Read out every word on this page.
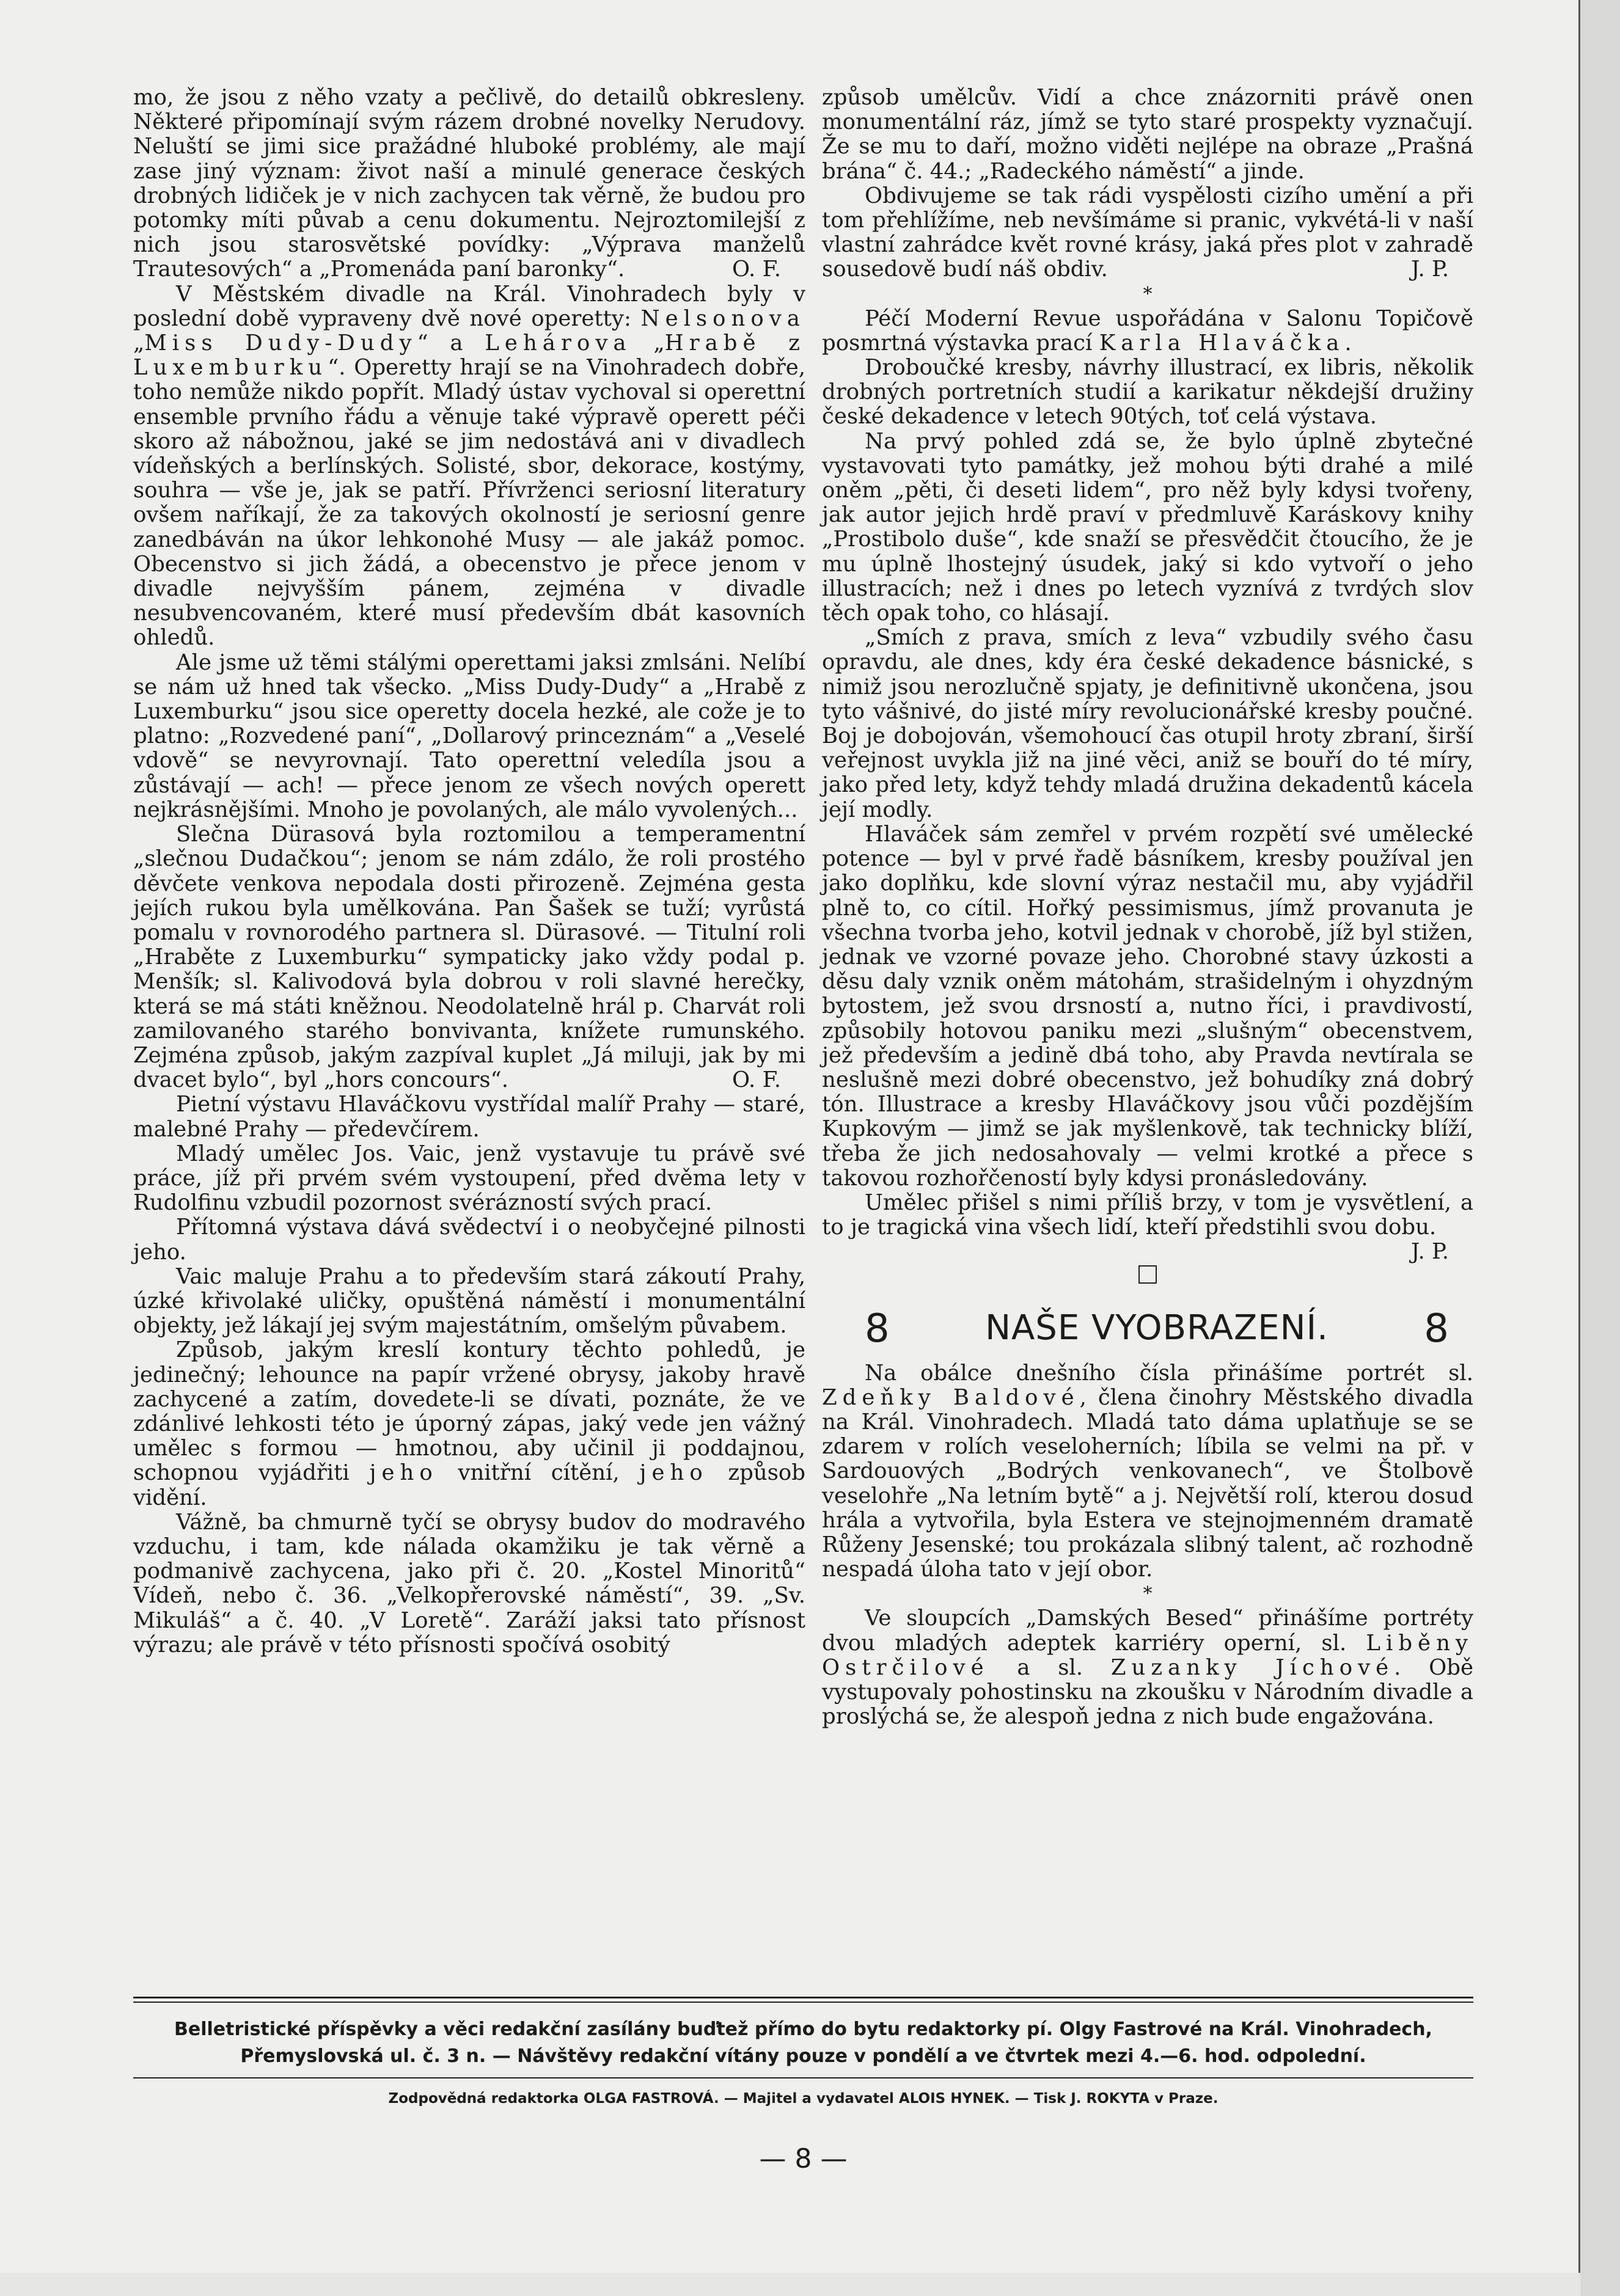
mo, že jsou z něho vzaty a pečlivě, do detailů obkresleny. Některé připomínají svým rázem drobné novelky Nerudovy. Neluští se jimi sice pražádné hluboké problémy, ale mají zase jiný význam: život naší a minulé generace českých drobných lidiček je v nich zachycen tak věrně, že budou pro potomky míti půvab a cenu dokumentu. Nejroztomilejší z nich jsou starosvětské povídky: „Výprava manželů Trautesových“ a „Promenáda paní baronky“.	O. F.

V Městském divadle na Král. Vinohradech byly v poslední době vypraveny dvě nové operetty: Nelsonova „Miss Dudy-Dudy“ a Lehárova „Hrabě z Luxemburku“. Operetty hrají se na Vinohradech dobře, toho nemůže nikdo popřít. Mladý ústav vychoval si operettní ensemble prvního řádu a věnuje také výpravě operett péči skoro až nábožnou, jaké se jim nedostává ani v divadlech vídeňských a berlínských. Solisté, sbor, dekorace, kostýmy, souhra — vše je, jak se patří. Přívrženci seriosní literatury ovšem naříkají, že za takových okolností je seriosní genre zanedbáván na úkor lehkonohé Musy — ale jakáž pomoc. Obecenstvo si jich žádá, a obecenstvo je přece jenom v divadle nejvyšším pánem, zejména v divadle nesubvencovaném, které musí především dbát kasovních ohledů.

Ale jsme už těmi stálými operettami jaksi zmlsáni. Nelíbí se nám už hned tak všecko. „Miss Dudy-Dudy“ a „Hrabě z Luxemburku“ jsou sice operetty docela hezké, ale cože je to platno: „Rozvedené paní“, „Dollarový princeznám“ a „Veselé vdově“ se nevyrovnají. Tato operettní veledíla jsou a zůstávají — ach! — přece jenom ze všech nových operett nejkrásnějšími. Mnoho je povolaných, ale málo vyvolených...

Slečna Dürasová byla roztomilou a temperamentní „slečnou Dudačkou“; jenom se nám zdálo, že roli prostého děvčete venkova nepodala dosti přirozeně. Zejména gesta jejích rukou byla umělkována. Pan Šašek se tuží; vyrůstá pomalu v rovnorodého partnera sl. Dürasové. — Titulní roli „Hraběte z Luxemburku“ sympaticky jako vždy podal p. Menšík; sl. Kalivodová byla dobrou v roli slavné herečky, která se má státi kněžnou. Neodolatelně hrál p. Charvát roli zamilovaného starého bonvivanta, knížete rumunského. Zejména způsob, jakým zazpíval kuplet „Já miluji, jak by mi dvacet bylo“, byl „hors concours“.	O. F.

Pietní výstavu Hlaváčkovu vystřídal malíř Prahy — staré, malebné Prahy — předevčírem.

Mladý umělec Jos. Vaic, jenž vystavuje tu právě své práce, jíž při prvém svém vystoupení, před dvěma lety v Rudolfinu vzbudil pozornost svérázností svých prací.

Přítomná výstava dává svědectví i o neobyčejné pilnosti jeho.

Vaic maluje Prahu a to především stará zákoutí Prahy, úzké křivolaké uličky, opuštěná náměstí i monumentální objekty, jež lákají jej svým majestátním, omšelým půvabem.

Způsob, jakým kreslí kontury těchto pohledů, je jedinečný; lehounce na papír vržené obrysy, jakoby hravě zachycené a zatím, dovedete-li se dívati, poznáte, že ve zdánlivé lehkosti této je úporný zápas, jaký vede jen vážný umělec s formou — hmotnou, aby učinil ji poddajnou, schopnou vyjádřiti jeho vnitřní cítění, jeho způsob vidění.

Vážně, ba chmurně tyčí se obrysy budov do modravého vzduchu, i tam, kde nálada okamžiku je tak věrně a podmanivě zachycena, jako při č. 20. „Kostel Minoritů“ Vídeň, nebo č. 36. „Velkopřerovské náměstí“, 39. „Sv. Mikuláš“ a č. 40. „V Loretě“. Zaráží jaksi tato přísnost výrazu; ale právě v této přísnosti spočívá osobitý

způsob umělcův. Vidí a chce znázorniti právě onen monumentální ráz, jímž se tyto staré prospekty vyznačují. Že se mu to daří, možno viděti nejlépe na obraze „Prašná brána“ č. 44.; „Radeckého náměstí“ a jinde.

Obdivujeme se tak rádi vyspělosti cizího umění a při tom přehlížíme, neb nevšímáme si pranic, vykvétá-li v naší vlastní zahrádce květ rovné krásy, jaká přes plot v zahradě sousedově budí náš obdiv.	J. P.

*

Péčí Moderní Revue uspořádána v Salonu Topičově posmrtná výstavka prací Karla Hlaváčka.

Droboučké kresby, návrhy illustrací, ex libris, několik drobných portretních studií a karikatur někdejší družiny české dekadence v letech 90tých, toť celá výstava.

Na prvý pohled zdá se, že bylo úplně zbytečné vystavovati tyto památky, jež mohou býti drahé a milé oněm „pěti, či deseti lidem“, pro něž byly kdysi tvořeny, jak autor jejich hrdě praví v předmluvě Karáskovy knihy „Prostibolo duše“, kde snaží se přesvědčit čtoucího, že je mu úplně lhostejný úsudek, jaký si kdo vytvoří o jeho illustracích; než i dnes po letech vyznívá z tvrdých slov těch opak toho, co hlásají.

„Smích z prava, smích z leva“ vzbudily svého času opravdu, ale dnes, kdy éra české dekadence básnické, s nimiž jsou nerozlučně spjaty, je definitivně ukončena, jsou tyto vášnivé, do jisté míry revolucionářské kresby poučné. Boj je dobojován, všemohoucí čas otupil hroty zbraní, širší veřejnost uvykla již na jiné věci, aniž se bouří do té míry, jako před lety, když tehdy mladá družina dekadentů kácela její modly.

Hlaváček sám zemřel v prvém rozpětí své umělecké potence — byl v prvé řadě básníkem, kresby používal jen jako doplňku, kde slovní výraz nestačil mu, aby vyjádřil plně to, co cítil. Hořký pessimismus, jímž provanuta je všechna tvorba jeho, kotvil jednak v chorobě, jíž byl stižen, jednak ve vzorné povaze jeho. Chorobné stavy úzkosti a děsu daly vznik oněm mátohám, strašidelným i ohyzdným bytostem, jež svou drsností a, nutno říci, i pravdivostí, způsobily hotovou paniku mezi „slušným“ obecenstvem, jež především a jedině dbá toho, aby Pravda nevtírala se neslušně mezi dobré obecenstvo, jež bohudíky zná dobrý tón. Illustrace a kresby Hlaváčkovy jsou vůči pozdějším Kupkovým — jimž se jak myšlenkově, tak technicky blíží, třeba že jich nedosahovaly — velmi krotké a přece s takovou rozhořčeností byly kdysi pronásledovány.

Umělec přišel s nimi příliš brzy, v tom je vysvětlení, a to je tragická vina všech lidí, kteří předstihli svou dobu.
J. P.

8	NAŠE VYOBRAZENÍ. 8

Na obálce dnešního čísla přinášíme portrét sl. Zdeňky Baldové, člena činohry Městského divadla na Král. Vinohradech. Mladá tato dáma uplatňuje se se zdarem v rolích veseloherních; líbila se velmi na př. v Sardouových „Bodrých venkovanech“, ve Štolbově veselohře „Na letním bytě“ a j. Největší rolí, kterou dosud hrála a vytvořila, byla Estera ve stejnojmenném dramatě Růženy Jesenské; tou prokázala slibný talent, ač rozhodně nespadá úloha tato v její obor.

*

Ve sloupcích „Damských Besed“ přinášíme portréty dvou mladých adeptek karriéry operní, sl. Liběny Ostrčilové a sl. Zuzanky Jíchové. Obě vystupovaly pohostinsku na zkoušku v Národním divadle a proslýchá se, že alespoň jedna z nich bude engažována.

Belletristické příspěvky a věci redakční zasílány buďtež přímo do bytu redaktorky pí. Olgy Fastrové na Král. Vinohradech,
Přemyslovská ul. č. 3 n. — Návštěvy redakční vítány pouze v pondělí a ve čtvrtek mezi 4.—6. hod. odpolední.
Zodpovědná redaktorka OLGA FASTROVÁ. — Majitel a vydavatel ALOIS HYNEK. — Tisk J. ROKYTA v Praze.
— 8 —
